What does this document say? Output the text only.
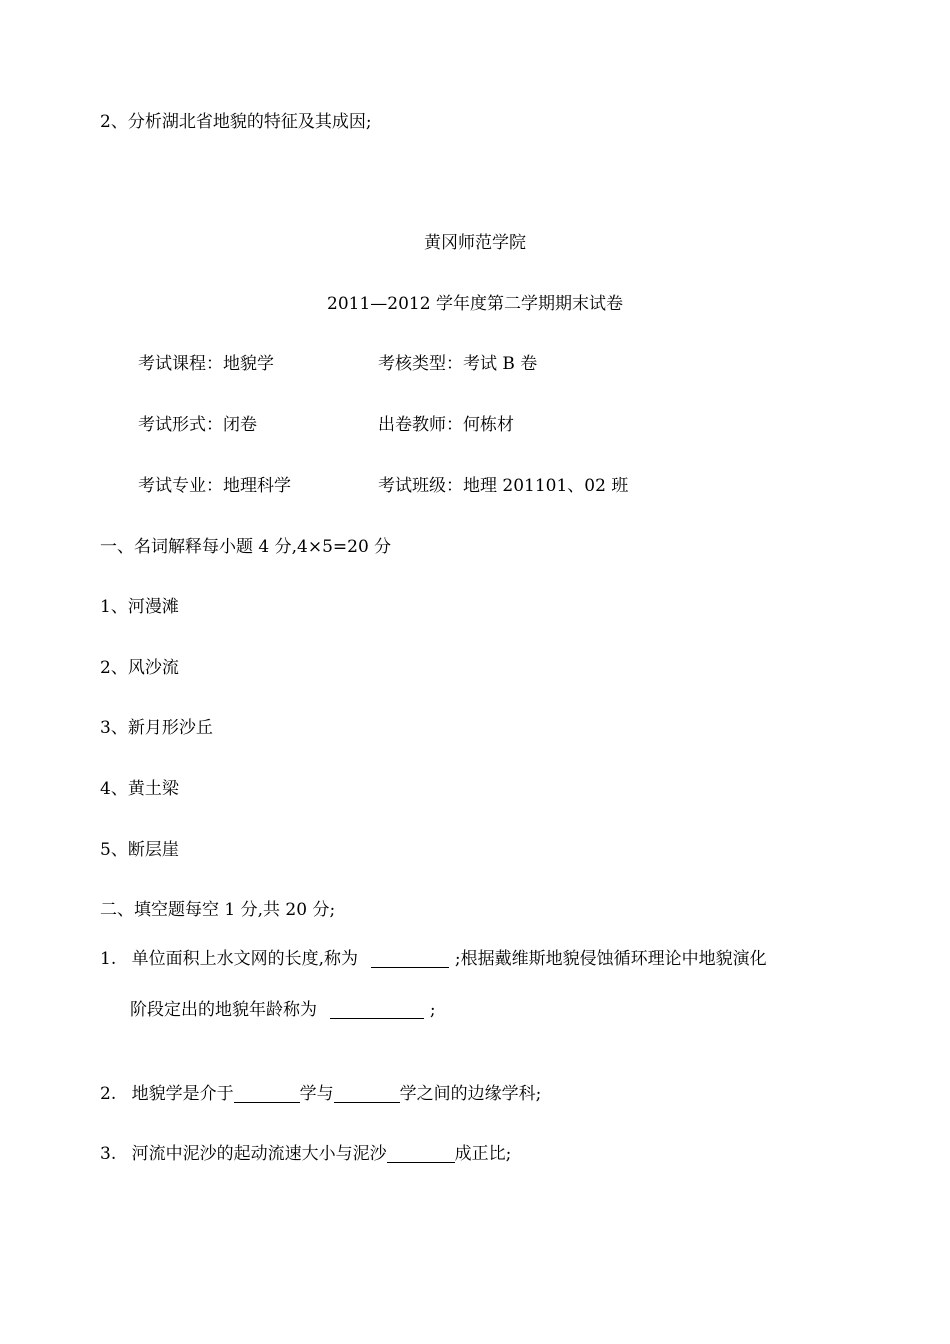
2、分析湖北省地貌的特征及其成因;
黄冈师范学院
2011—2012 学年度第二学期期末试卷
考试课程：地貌学	考核类型：考试 B 卷
考试形式：闭卷	出卷教师：何栋材
考试专业：地理科学	考试班级：地理 201101、02 班
一、名词解释每小题 4 分,4×5=20 分
1、河漫滩
2、风沙流
3、新月形沙丘
4、黄土梁
5、断层崖
二、填空题每空 1 分,共 20 分;
1. 单位面积上水文网的长度,称为	;根据戴维斯地貌侵蚀循环理论中地貌演化
阶段定出的地貌年龄称为	;
2. 地貌学是介于	学与	学之间的边缘学科;
3. 河流中泥沙的起动流速大小与泥沙	成正比;
